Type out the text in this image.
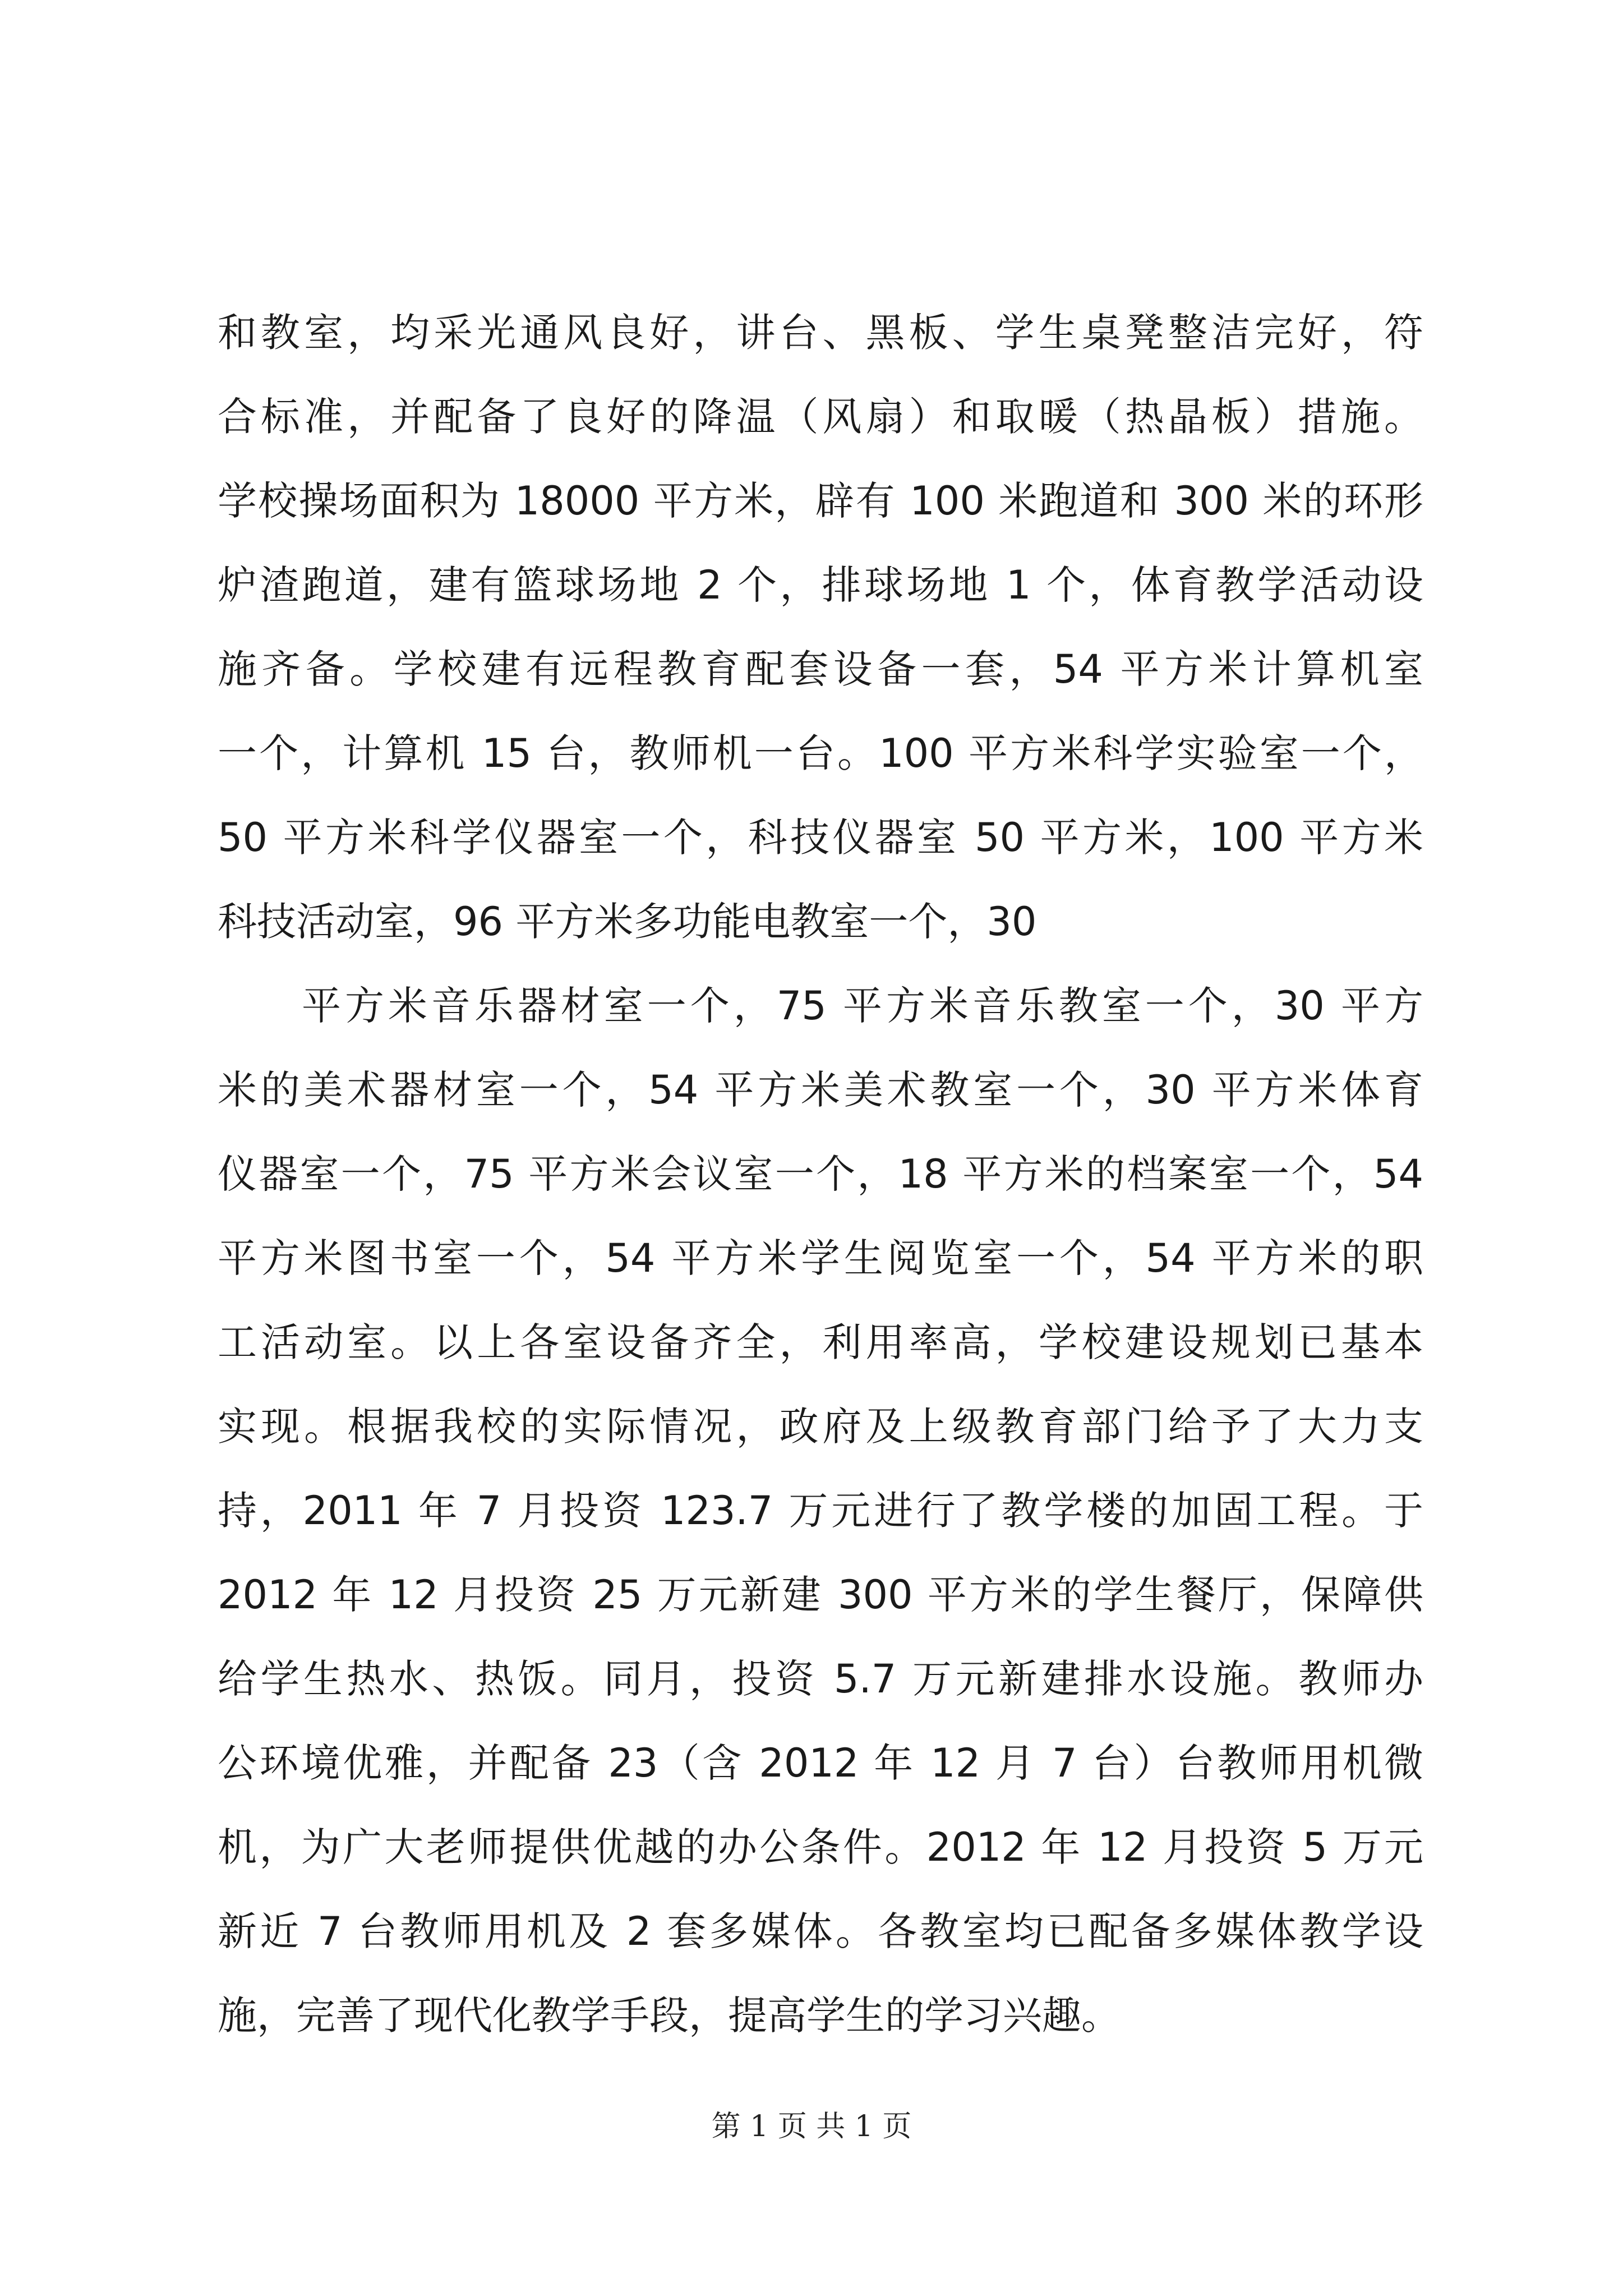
和教室，均采光通风良好，讲台、黑板、学生桌凳整洁完好，符
合标准，并配备了良好的降温（风扇）和取暖（热晶板）措施。
学校操场面积为 18000 平方米，辟有 100 米跑道和 300 米的环形
炉渣跑道，建有篮球场地 2 个，排球场地 1 个，体育教学活动设
施齐备。学校建有远程教育配套设备一套，54 平方米计算机室
一个，计算机 15 台，教师机一台。100 平方米科学实验室一个，
50 平方米科学仪器室一个，科技仪器室 50 平方米，100 平方米
科技活动室，96 平方米多功能电教室一个，30
平方米音乐器材室一个，75 平方米音乐教室一个，30 平方
米的美术器材室一个，54 平方米美术教室一个，30 平方米体育
仪器室一个，75 平方米会议室一个，18 平方米的档案室一个，54
平方米图书室一个，54 平方米学生阅览室一个，54 平方米的职
工活动室。以上各室设备齐全，利用率高，学校建设规划已基本
实现。根据我校的实际情况，政府及上级教育部门给予了大力支
持，2011 年 7 月投资 123.7 万元进行了教学楼的加固工程。于
2012 年 12 月投资 25 万元新建 300 平方米的学生餐厅，保障供
给学生热水、热饭。同月，投资 5.7 万元新建排水设施。教师办
公环境优雅，并配备 23（含 2012 年 12 月 7 台）台教师用机微
机，为广大老师提供优越的办公条件。2012 年 12 月投资 5 万元
新近 7 台教师用机及 2 套多媒体。各教室均已配备多媒体教学设
施，完善了现代化教学手段，提高学生的学习兴趣。
第 1 页 共 1 页
